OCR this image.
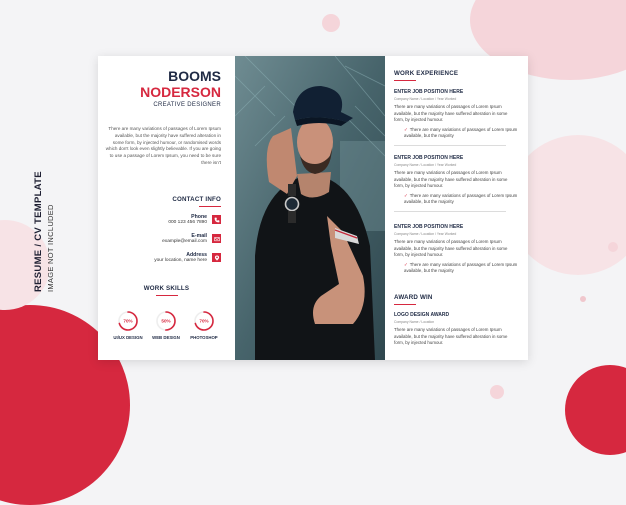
RESUME / CV TEMPLATE IMAGE NOT INCLUDED
BOOMS
NODERSON
CREATIVE DESIGNER
There are many variations of passages of Lorem Ipsum available, but the majority have suffered alteration in some form, by injected humour, or randomised words which don't look even slightly believable. If you are going to use a passage of Lorem Ipsum, you need to be sure there isn't
CONTACT INFO
Phone
000 123 456 7890
E-mail
example@email.com
Address
your location, name here
WORK SKILLS
70%
UI/UX DESIGN
50%
WEB DESIGN
70%
PHOTOSHOP
WORK EXPERIENCE
ENTER JOB POSITION HERE
Company Name / Location / Year Worked
There are many variations of passages of Lorem Ipsum available, but the majority have suffered alteration in some form, by injected humour.
✓ There are many variations of passages of Lorem Ipsum available, but the majority
ENTER JOB POSITION HERE
Company Name / Location / Year Worked
There are many variations of passages of Lorem Ipsum available, but the majority have suffered alteration in some form, by injected humour.
✓ There are many variations of passages of Lorem Ipsum available, but the majority
ENTER JOB POSITION HERE
Company Name / Location / Year Worked
There are many variations of passages of Lorem Ipsum available, but the majority have suffered alteration in some form, by injected humour.
✓ There are many variations of passages of Lorem Ipsum available, but the majority
AWARD WIN
LOGO DESIGN AWARD
Company Name / Location
There are many variations of passages of Lorem Ipsum available, but the majority have suffered alteration in some form, by injected humour.
